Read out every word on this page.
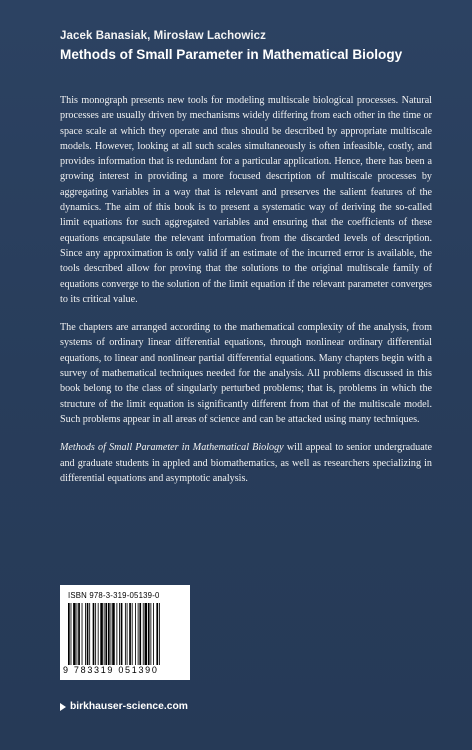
Jacek Banasiak, Mirosław Lachowicz
Methods of Small Parameter in Mathematical Biology

This monograph presents new tools for modeling multiscale biological processes. Natural processes are usually driven by mechanisms widely differing from each other in the time or space scale at which they operate and thus should be described by appropriate multiscale models. However, looking at all such scales simultaneously is often infeasible, costly, and provides information that is redundant for a particular application. Hence, there has been a growing interest in providing a more focused description of multiscale processes by aggregating variables in a way that is relevant and preserves the salient features of the dynamics. The aim of this book is to present a systematic way of deriving the so-called limit equations for such aggregated variables and ensuring that the coefficients of these equations encapsulate the relevant information from the discarded levels of description. Since any approximation is only valid if an estimate of the incurred error is available, the tools described allow for proving that the solutions to the original multiscale family of equations converge to the solution of the limit equation if the relevant parameter converges to its critical value.

The chapters are arranged according to the mathematical complexity of the analysis, from systems of ordinary linear differential equations, through nonlinear ordinary differential equations, to linear and nonlinear partial differential equations. Many chapters begin with a survey of mathematical techniques needed for the analysis. All problems discussed in this book belong to the class of singularly perturbed problems; that is, problems in which the structure of the limit equation is significantly different from that of the multiscale model. Such problems appear in all areas of science and can be attacked using many techniques.

Methods of Small Parameter in Mathematical Biology will appeal to senior undergraduate and graduate students in appled and biomathematics, as well as researchers specializing in differential equations and asymptotic analysis.

ISBN 978-3-319-05139-0
9 783319 051390
birkhauser-science.com
